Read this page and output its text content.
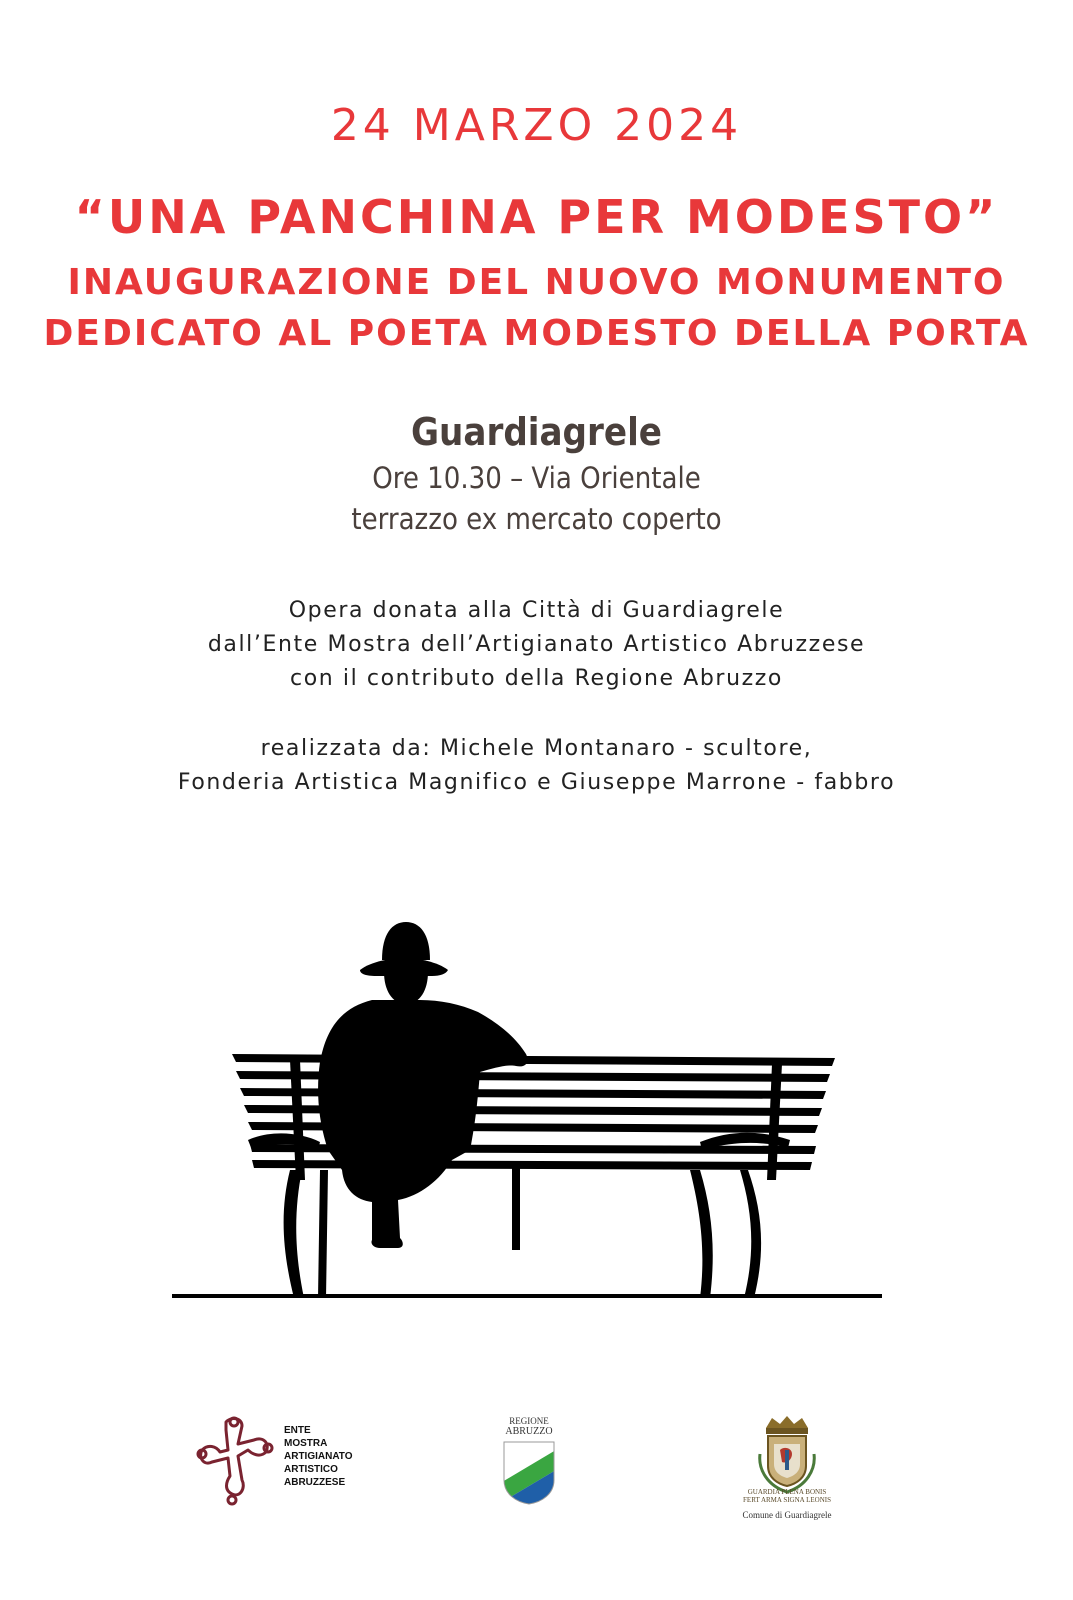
24 MARZO 2024
“UNA PANCHINA PER MODESTO”
INAUGURAZIONE DEL NUOVO MONUMENTO
DEDICATO AL POETA MODESTO DELLA PORTA
Guardiagrele
Ore 10.30 – Via Orientale
terrazzo ex mercato coperto
Opera donata alla Città di Guardiagrele
dall’Ente Mostra dell’Artigianato Artistico Abruzzese
con il contributo della Regione Abruzzo
realizzata da: Michele Montanaro - scultore,
Fonderia Artistica Magnifico e Giuseppe Marrone - fabbro
ENTE
MOSTRA
ARTIGIANATO
ARTISTICO
ABRUZZESE
REGIONE
ABRUZZO
GUARDIA PLENA BONIS
FERT ARMA SIGNA LEONIS
Comune di Guardiagrele
